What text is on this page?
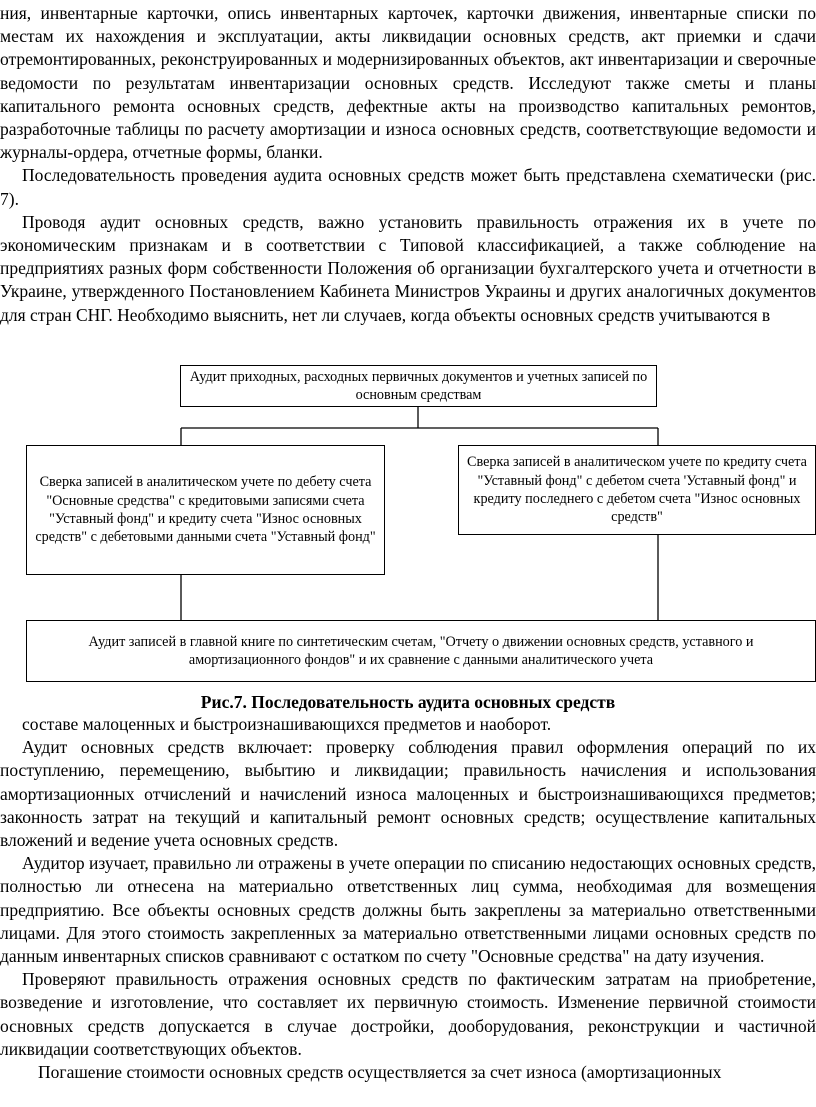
ния, инвентарные карточки, опись инвентарных карточек, карточки движения, инвентарные списки по местам их нахождения и эксплуатации, акты ликвидации основных средств, акт приемки и сдачи отремонтированных, реконструированных и модернизированных объектов, акт инвентаризации и сверочные ведомости по результатам инвентаризации основных средств. Исследуют также сметы и планы капитального ремонта основных средств, дефектные акты на производство капитальных ремонтов, разработочные таблицы по расчету амортизации и износа основных средств, соответствующие ведомости и журналы-ордера, отчетные формы, бланки.

Последовательность проведения аудита основных средств может быть представлена схематически (рис. 7).

Проводя аудит основных средств, важно установить правильность отражения их в учете по экономическим признакам и в соответствии с Типовой классификацией, а также соблюдение на предприятиях разных форм собственности Положения об организации бухгалтерского учета и отчетности в Украине, утвержденного Постановлением Кабинета Министров Украины и других аналогичных документов для стран СНГ. Необходимо выяснить, нет ли случаев, когда объекты основных средств учитываются в

Аудит приходных, расходных первичных документов и учетных записей по основным средствам
Сверка записей в аналитическом учете по дебету счета "Основные средства" с кредитовыми записями счета "Уставный фонд" и кредиту счета "Износ основных средств" с дебетовыми данными счета "Уставный фонд"
Сверка записей в аналитическом учете по кредиту счета "Уставный фонд" с дебетом счета 'Уставный фонд" и кредиту последнего с дебетом счета "Износ основных средств"
Аудит записей в главной книге по синтетическим счетам, "Отчету о движении основных средств, уставного и амортизационного фондов" и их сравнение с данными аналитического учета
Рис.7. Последовательность аудита основных средств

составе малоценных и быстроизнашивающихся предметов и наоборот.

Аудит основных средств включает: проверку соблюдения правил оформления операций по их поступлению, перемещению, выбытию и ликвидации; правильность начисления и использования амортизационных отчислений и начислений износа малоценных и быстроизнашивающихся предметов; законность затрат на текущий и капитальный ремонт основных средств; осуществление капитальных вложений и ведение учета основных средств.

Аудитор изучает, правильно ли отражены в учете операции по списанию недостающих основных средств, полностью ли отнесена на материально ответственных лиц сумма, необходимая для возмещения предприятию. Все объекты основных средств должны быть закреплены за материально ответственными лицами. Для этого стоимость закрепленных за материально ответственными лицами основных средств по данным инвентарных списков сравнивают с остатком по счету "Основные средства" на дату изучения.

Проверяют правильность отражения основных средств по фактическим затратам на приобретение, возведение и изготовление, что составляет их первичную стоимость. Изменение первичной стоимости основных средств допускается в случае достройки, дооборудования, реконструкции и частичной ликвидации соответствующих объектов.

Погашение стоимости основных средств осуществляется за счет износа (амортизационных
